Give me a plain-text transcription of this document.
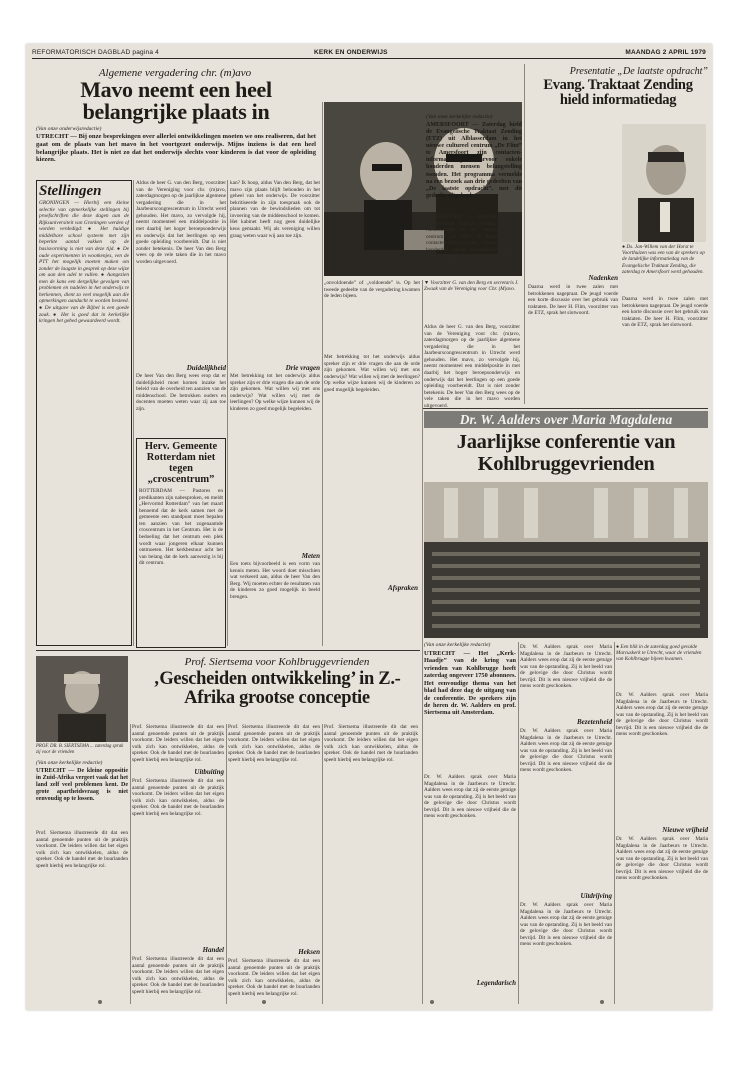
REFORMATORISCH DAGBLAD pagina 4	KERK EN ONDERWIJS	MAANDAG 2 APRIL 1979
Algemene vergadering chr. (m)avo
Mavo neemt een heel belangrijke plaats in
(Van onze onderwijsredactie)
UTRECHT — Bij onze besprekingen over allerlei ontwikkelingen moeten we ons realiseren, dat het gaat om de plaats van het mavo in het voortgezet onderwijs. Mijns inziens is dat een heel belangrijke plaats. Het is niet zo dat het onderwijs slechts voor kinderen is dat voor de opleiding kiezen.
Stellingen
GRONINGEN — Hierbij een kleine selectie van opmerkelijke stellingen bij proefschriften die deze dagen aan de Rijksuniversiteit van Groningen werden of worden verdedigd: ● Het huidige middelbare school systeem met zijn beperkte aantal vakken op de basisvorming is niet van deze tijd. ● De oude experimenten in wootkenjes, ven de PTT het mogelijk moeten maken om zonder de laagste in gesprek op deze wijze om aan den adel te vullen. ● Aangezien men de kans een dergelijke gevolgen van problemen en nadelen in het onderwijs te herkennen, dient zo veel mogelijk aan die opmerkingen aandacht te worden besteed. ● De uitgave van de Bijbel is een goede zaak. ● Het is goed dat in kerkelijke kringen het gebed gewaardeerd wordt.
Aldus de heer G. van den Berg, voorzitter van de Vereniging voor chr. (m)avo, zaterdagmorgen op de jaarlijkse algemene vergadering die in het Jaarbeurscongrescentrum in Utrecht werd gehouden. Het mavo, zo vervolgde hij, neemt momenteel een middelpositie in met daarbij het hoger beroepsonderwijs en onderwijs dat het leerlingen op een goede opleiding voorbereidt. Dat is niet zonder betekenis. De heer Van den Berg wees op de vele taken die in het mavo worden uitgevoerd.
Duidelijkheid
De heer Van den Berg wees erop dat er duidelijkheid moet komen inzake het beleid van de overheid ten aanzien van de middenschool. De betrokken ouders en docenten moeten weten waar zij aan toe zijn.
kan? Ik hoop, aldus Van den Berg, dat het mavo zijn plaats blijft behouden in het geheel van het onderwijs. De voorzitter bekritiseerde in zijn toespraak ook de plannen van de bewindslieden om tot invoering van de middenschool te komen. Het kabinet heeft nog geen duidelijke keus gemaakt. Wij als vereniging willen graag weten waar wij aan toe zijn.
Drie vragen
Met betrekking tot het onderwijs aldus spreker zijn er drie vragen die aan de orde zijn gekomen. Wat willen wij met ons onderwijs? Wat willen wij met de leerlingen? Op welke wijze kunnen wij de kinderen zo goed mogelijk begeleiden.
Meten
Een toets bijvoorbeeld is een vorm van kennis meten. Het woord doet misschien wat verkeerd aan, aldus de heer Van den Berg. Wij moeten echter de resultaten van de kinderen zo goed mogelijk in beeld brengen.
Herv. Gemeente Rotterdam niet tegen „croscentrum”
ROTTERDAM — Pastores en predikanten zijn nabesproken, en meldt „Hervormd Rotterdam” van het maart benoemd dat de kerk samen met de gemeente een standpunt moet bepalen ten aanzien van het zogenaamde croscentrum in het Centrum. Het is de bedoeling dat het centrum een plek wordt waar jongeren elkaar kunnen ontmoeten. Het kerkbestuur acht het van belang dat de kerk aanwezig is bij dit centrum.
„onvoldoende” of „voldoende” is. Op het tweede gedeelte van de vergadering kwamen de leden bijeen.
▼ Voorzitter G. van den Berg en secretaris J. Zwaak van de Vereniging voor Chr. (M)avo.
Met betrekking tot het onderwijs aldus spreker zijn er drie vragen die aan de orde zijn gekomen. Wat willen wij met ons onderwijs? Wat willen wij met de leerlingen? Op welke wijze kunnen wij de kinderen zo goed mogelijk begeleiden.
Aldus de heer G. van den Berg, voorzitter van de Vereniging voor chr. (m)avo, zaterdagmorgen op de jaarlijkse algemene vergadering die in het Jaarbeurscongrescentrum in Utrecht werd gehouden. Het mavo, zo vervolgde hij, neemt momenteel een middelpositie in met daarbij het hoger beroepsonderwijs en onderwijs dat het leerlingen op een goede opleiding voorbereidt. Dat is niet zonder betekenis. De heer Van den Berg wees op de vele taken die in het mavo worden uitgevoerd.
Presentatie „De laatste opdracht”
Evang. Traktaat Zending hield informatiedag
(Van onze kerkelijke redactie)
AMERSFOORT — Zaterdag hield de Evangelische Traktaat Zending (ETZ) uit Alblasserdam in het nieuwe cultureel centrum „De Flint” te Amersfoort zijn contacten-informatiedag, waarvoor enkele honderden mensen belangstelling toonden. Het programma vermelde na een bezoek aan drie gedeelten van „De laatste opdracht”, met dit gedeelte uitgelegd.
AMERSFOORT — Zaterdag hield de Evangelische Traktaat Zending (ETZ) uit Alblasserdam in het nieuwe cultureel centrum „De Flint” te Amersfoort zijn contacten-informatiedag, waarvoor enkele honderden mensen belangstelling toonden. Het programma vermelde na een bezoek aan drie gedeelten van „De laatste opdracht”, met dit gedeelte uitgelegd.
Daarna werd in twee zalen met betrokkenen nagepraat. De jeugd voerde een korte discussie over het gebruik van traktaten. De heer H. Flim, voorzitter van de ETZ, sprak het slotwoord.
Nadenken
● Ds. Jan-Willem van der Horst te Voorthuizen was een van de sprekers op de landelijke informatiedag van de Evangelische Traktaat Zending, die zaterdag te Amersfoort werd gehouden.
Daarna werd in twee zalen met betrokkenen nagepraat. De jeugd voerde een korte discussie over het gebruik van traktaten. De heer H. Flim, voorzitter van de ETZ, sprak het slotwoord.
Dr. W. Aalders over Maria Magdalena
Jaarlijkse conferentie van Kohlbruggevrienden
(Van onze kerkelijke redactie)
UTRECHT — Het „Kerk-Haadje” van de kring van vrienden van Kohlbrugge heeft zaterdag ongeveer 1750 abonnees. Het eenvoudige thema van het blad had deze dag de uitgang van de conferentie. De sprekers zijn de heren dr. W. Aalders en prof. Siertsema uit Amsterdam.
Dr. W. Aalders sprak over Maria Magdalena in de Jaarbeurs te Utrecht. Aalders wees erop dat zij de eerste getuige was van de opstanding. Zij is het beeld van de gelovige die door Christus wordt bevrijd. Dit is een nieuwe vrijheid die de mens wordt geschonken.
Legendarisch
Dr. W. Aalders sprak over Maria Magdalena in de Jaarbeurs te Utrecht. Aalders wees erop dat zij de eerste getuige was van de opstanding. Zij is het beeld van de gelovige die door Christus wordt bevrijd. Dit is een nieuwe vrijheid die de mens wordt geschonken.
Bezetenheid
Dr. W. Aalders sprak over Maria Magdalena in de Jaarbeurs te Utrecht. Aalders wees erop dat zij de eerste getuige was van de opstanding. Zij is het beeld van de gelovige die door Christus wordt bevrijd. Dit is een nieuwe vrijheid die de mens wordt geschonken.
Uitdrijving
Dr. W. Aalders sprak over Maria Magdalena in de Jaarbeurs te Utrecht. Aalders wees erop dat zij de eerste getuige was van de opstanding. Zij is het beeld van de gelovige die door Christus wordt bevrijd. Dit is een nieuwe vrijheid die de mens wordt geschonken.
● Een blik in de zaterdag goed gevulde Marcuskerk te Utrecht, waar de vrienden van Kohlbrugge bijeen kwamen.
Dr. W. Aalders sprak over Maria Magdalena in de Jaarbeurs te Utrecht. Aalders wees erop dat zij de eerste getuige was van de opstanding. Zij is het beeld van de gelovige die door Christus wordt bevrijd. Dit is een nieuwe vrijheid die de mens wordt geschonken.
Nieuwe vrijheid
Dr. W. Aalders sprak over Maria Magdalena in de Jaarbeurs te Utrecht. Aalders wees erop dat zij de eerste getuige was van de opstanding. Zij is het beeld van de gelovige die door Christus wordt bevrijd. Dit is een nieuwe vrijheid die de mens wordt geschonken.
Afspraken
PROF. DR. B. SIERTSEMA ... zaterdag sprak zij voor de vrienden
Prof. Siertsema voor Kohlbruggevrienden
‚Gescheiden ontwikkeling’ in Z.-Afrika grootse conceptie
(Van onze kerkelijke redactie)
UTRECHT — De kleine oppositie in Zuid-Afrika vergeet vaak dat het land zelf veel problemen kent. De grote apartheidsvraag is niet eenvoudig op te lossen.
Prof. Siertsema illustreerde dit dat een aantal genoemde punten uit de praktijk voorkomt. De leiders willen dat het eigen volk zich kan ontwikkelen, aldus de spreker. Ook de handel met de buurlanden speelt hierbij een belangrijke rol.
Prof. Siertsema illustreerde dit dat een aantal genoemde punten uit de praktijk voorkomt. De leiders willen dat het eigen volk zich kan ontwikkelen, aldus de spreker. Ook de handel met de buurlanden speelt hierbij een belangrijke rol.
Uitbuiting
Prof. Siertsema illustreerde dit dat een aantal genoemde punten uit de praktijk voorkomt. De leiders willen dat het eigen volk zich kan ontwikkelen, aldus de spreker. Ook de handel met de buurlanden speelt hierbij een belangrijke rol.
Handel
Prof. Siertsema illustreerde dit dat een aantal genoemde punten uit de praktijk voorkomt. De leiders willen dat het eigen volk zich kan ontwikkelen, aldus de spreker. Ook de handel met de buurlanden speelt hierbij een belangrijke rol.
Prof. Siertsema illustreerde dit dat een aantal genoemde punten uit de praktijk voorkomt. De leiders willen dat het eigen volk zich kan ontwikkelen, aldus de spreker. Ook de handel met de buurlanden speelt hierbij een belangrijke rol.
Heksen
Prof. Siertsema illustreerde dit dat een aantal genoemde punten uit de praktijk voorkomt. De leiders willen dat het eigen volk zich kan ontwikkelen, aldus de spreker. Ook de handel met de buurlanden speelt hierbij een belangrijke rol.
Prof. Siertsema illustreerde dit dat een aantal genoemde punten uit de praktijk voorkomt. De leiders willen dat het eigen volk zich kan ontwikkelen, aldus de spreker. Ook de handel met de buurlanden speelt hierbij een belangrijke rol.
